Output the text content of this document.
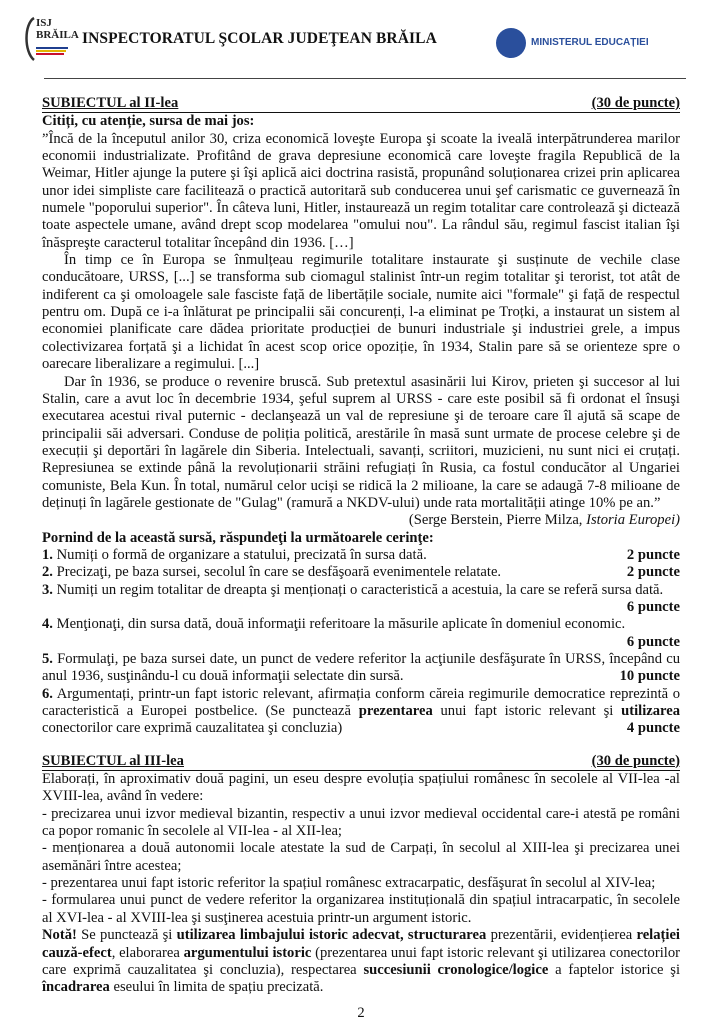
ISJ BRĂILA INSPECTORATUL ŞCOLAR JUDEŢEAN BRĂILA	MINISTERUL EDUCAȚIEI
SUBIECTUL al II-lea	(30 de puncte)

Citiți, cu atenție, sursa de mai jos:

”Încă de la începutul anilor 30, criza economică loveşte Europa şi scoate la iveală interpătrunderea marilor economii industrializate. Profitând de grava depresiune economică care loveşte fragila Republică de la Weimar, Hitler ajunge la putere şi îşi aplică aici doctrina rasistă, propunând soluționarea crizei prin aplicarea unor idei simpliste care facilitează o practică autoritară sub conducerea unui şef carismatic ce guvernează în numele "poporului superior". În câteva luni, Hitler, instaurează un regim totalitar care controlează şi dictează toate aspectele umane, având drept scop modelarea "omului nou". La rândul său, regimul fascist italian îşi înăspreşte caracterul totalitar începând din 1936. […]

În timp ce în Europa se înmulțeau regimurile totalitare instaurate şi susținute de vechile clase conducătoare, URSS, [...] se transforma sub ciomagul stalinist într-un regim totalitar şi terorist, tot atât de indiferent ca şi omoloagele sale fasciste față de libertățile sociale, numite aici "formale" şi față de respectul pentru om. După ce i-a înlăturat pe principalii săi concurenți, l-a eliminat pe Troțki, a instaurat un sistem al economiei planificate care dădea prioritate producției de bunuri industriale şi industriei grele, a impus colectivizarea forțată şi a lichidat în acest scop orice opoziție, în 1934, Stalin pare să se orienteze spre o oarecare liberalizare a regimului. [...]

Dar în 1936, se produce o revenire bruscă. Sub pretextul asasinării lui Kirov, prieten şi succesor al lui Stalin, care a avut loc în decembrie 1934, şeful suprem al URSS - care este posibil să fi ordonat el însuşi executarea acestui rival puternic - declanşează un val de represiune şi de teroare care îl ajută să scape de principalii săi adversari. Conduse de poliția politică, arestările în masă sunt urmate de procese celebre şi de execuții şi deportări în lagărele din Siberia. Intelectuali, savanți, scriitori, muzicieni, nu sunt nici ei cruțați. Represiunea se extinde până la revoluționarii străini refugiați în Rusia, ca fostul conducător al Ungariei comuniste, Bela Kun. În total, numărul celor uciși se ridică la 2 milioane, la care se adaugă 7-8 milioane de deținuți în lagărele gestionate de "Gulag" (ramură a NKDV-ului) unde rata mortalității atinge 10% pe an.”

(Serge Berstein, Pierre Milza, Istoria Europei)

Pornind de la această sursă, răspundeţi la următoarele cerinţe:

1. Numiți o formă de organizare a statului, precizată în sursa dată.	2 puncte

2. Precizaţi, pe baza sursei, secolul în care se desfăşoară evenimentele relatate.	2 puncte

3. Numiți un regim totalitar de dreapta şi menționați o caracteristică a acestuia, la care se referă sursa dată.

6 puncte

4. Menţionaţi, din sursa dată, două informaţii referitoare la măsurile aplicate în domeniul economic.

6 puncte

5. Formulaţi, pe baza sursei date, un punct de vedere referitor la acţiunile desfăşurate în URSS, începând cu anul 1936, susţinându-l cu două informaţii selectate din sursă.	10 puncte

6. Argumentați, printr-un fapt istoric relevant, afirmația conform căreia regimurile democratice reprezintă o caracteristică a Europei postbelice. (Se punctează prezentarea unui fapt istoric relevant şi utilizarea conectorilor care exprimă cauzalitatea şi concluzia)	4 puncte

SUBIECTUL al III-lea	(30 de puncte)

Elaborați, în aproximativ două pagini, un eseu despre evoluția spațiului românesc în secolele al VII-lea -al XVIII-lea, având în vedere:

- precizarea unui izvor medieval bizantin, respectiv a unui izvor medieval occidental care-i atestă pe români ca popor romanic în secolele al VII-lea - al XII-lea;

- menționarea a două autonomii locale atestate la sud de Carpați, în secolul al XIII-lea şi precizarea unei asemănări între acestea;

- prezentarea unui fapt istoric referitor la spațiul românesc extracarpatic, desfăşurat în secolul al XIV-lea;

- formularea unui punct de vedere referitor la organizarea instituțională din spațiul intracarpatic, în secolele al XVI-lea - al XVIII-lea şi susţinerea acestuia printr-un argument istoric.

Notă! Se punctează şi utilizarea limbajului istoric adecvat, structurarea prezentării, evidențierea relației cauză-efect, elaborarea argumentului istoric (prezentarea unui fapt istoric relevant şi utilizarea conectorilor care exprimă cauzalitatea şi concluzia), respectarea succesiunii cronologice/logice a faptelor istorice şi încadrarea eseului în limita de spațiu precizată.

2
